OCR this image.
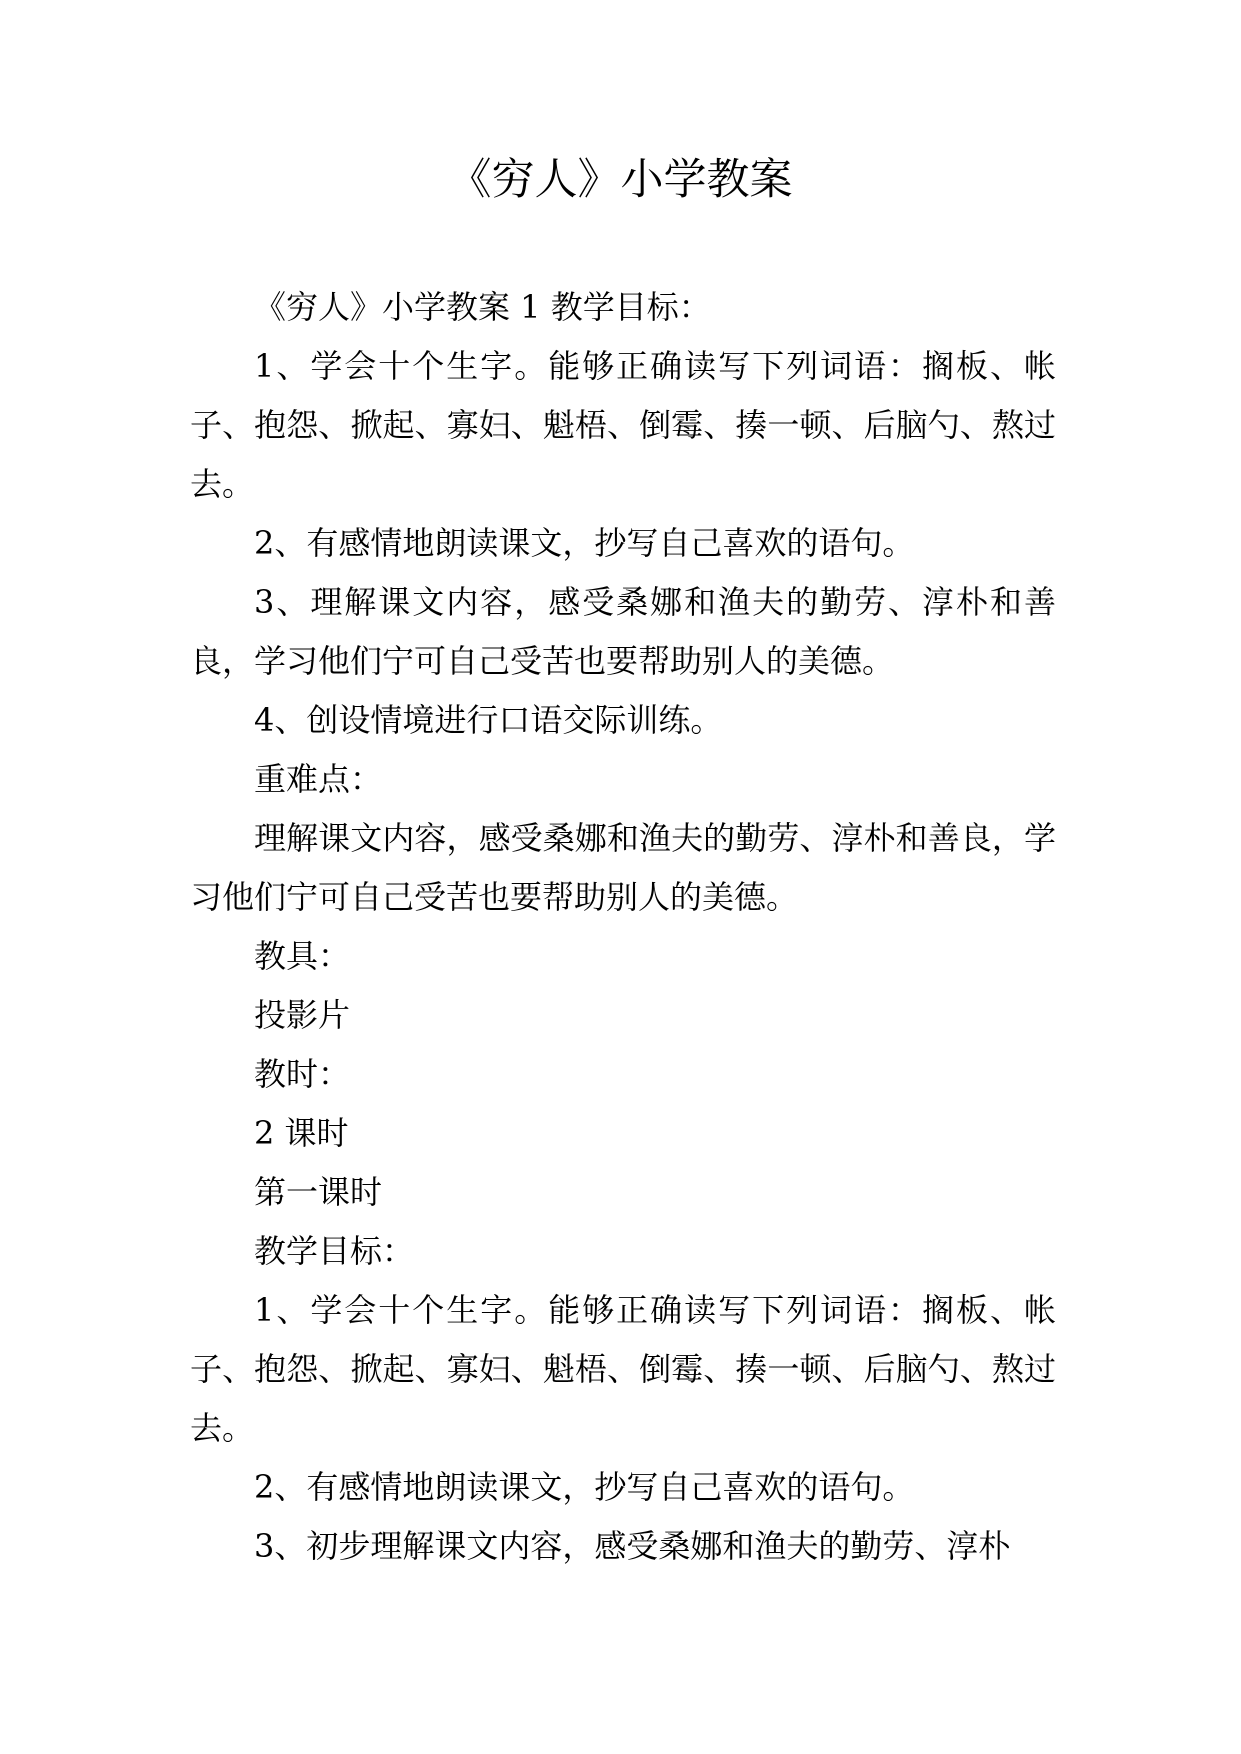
《穷人》小学教案

《穷人》小学教案 1 教学目标：

1、学会十个生字。能够正确读写下列词语：搁板、帐子、抱怨、掀起、寡妇、魁梧、倒霉、揍一顿、后脑勺、熬过去。

2、有感情地朗读课文，抄写自己喜欢的语句。

3、理解课文内容，感受桑娜和渔夫的勤劳、淳朴和善良，学习他们宁可自己受苦也要帮助别人的美德。

4、创设情境进行口语交际训练。

重难点：

理解课文内容，感受桑娜和渔夫的勤劳、淳朴和善良，学习他们宁可自己受苦也要帮助别人的美德。

教具：

投影片

教时：

2 课时

第一课时

教学目标：

1、学会十个生字。能够正确读写下列词语：搁板、帐子、抱怨、掀起、寡妇、魁梧、倒霉、揍一顿、后脑勺、熬过去。

2、有感情地朗读课文，抄写自己喜欢的语句。

3、初步理解课文内容，感受桑娜和渔夫的勤劳、淳朴
